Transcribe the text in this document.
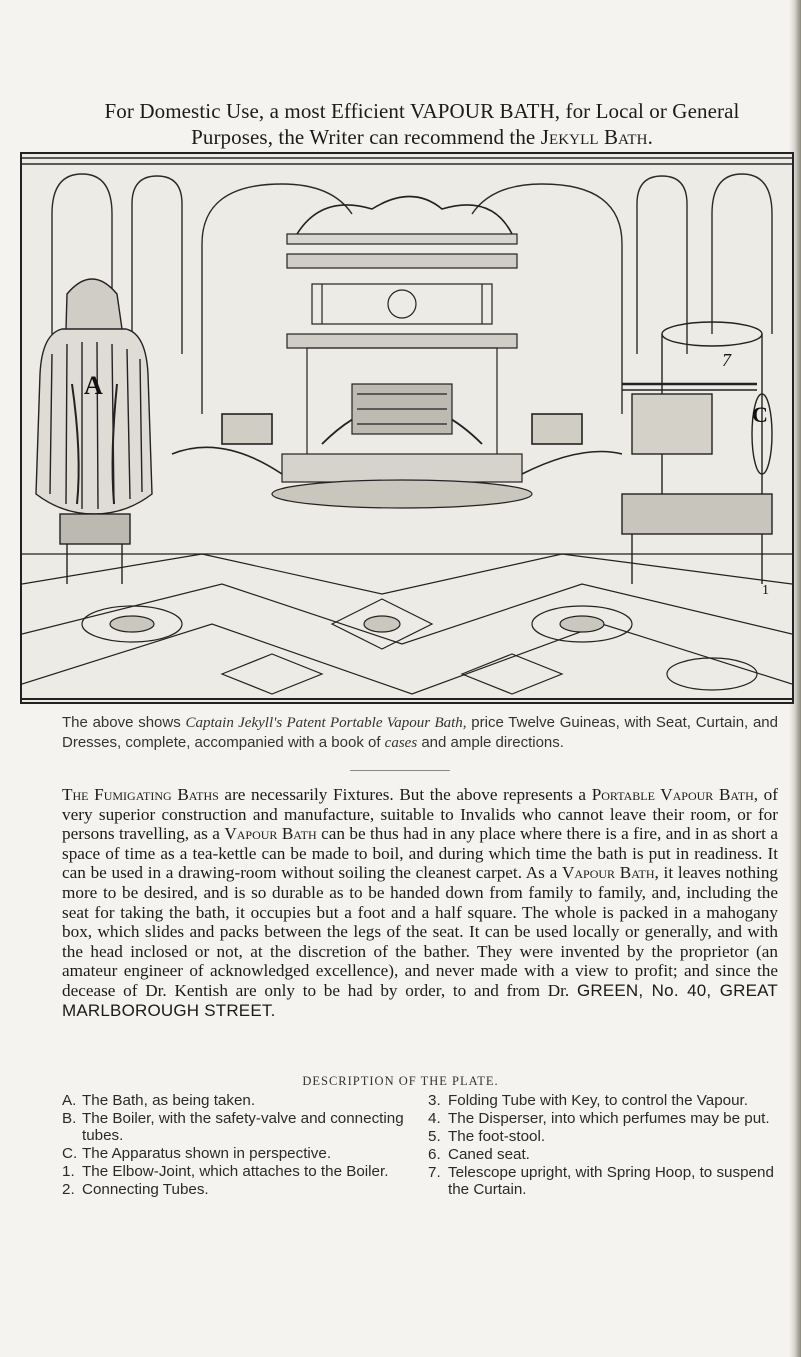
For Domestic Use, a most Efficient VAPOUR BATH, for Local or General
Purposes, the Writer can recommend the Jekyll Bath.
A
C
7
1
The above shows Captain Jekyll's Patent Portable Vapour Bath, price Twelve Guineas, with Seat, Curtain, and Dresses, complete, accompanied with a book of cases and ample directions.
The Fumigating Baths are necessarily Fixtures. But the above represents a Portable Vapour Bath, of very superior construction and manufacture, suitable to Invalids who cannot leave their room, or for persons travelling, as a Vapour Bath can be thus had in any place where there is a fire, and in as short a space of time as a tea-kettle can be made to boil, and during which time the bath is put in readiness. It can be used in a drawing-room without soiling the cleanest carpet. As a Vapour Bath, it leaves nothing more to be desired, and is so durable as to be handed down from family to family, and, including the seat for taking the bath, it occupies but a foot and a half square. The whole is packed in a mahogany box, which slides and packs between the legs of the seat. It can be used locally or generally, and with the head inclosed or not, at the discretion of the bather. They were invented by the proprietor (an amateur engineer of acknowledged excellence), and never made with a view to profit; and since the decease of Dr. Kentish are only to be had by order, to and from Dr. GREEN, No. 40, GREAT MARLBOROUGH STREET.
DESCRIPTION OF THE PLATE.
A. The Bath, as being taken.
B. The Boiler, with the safety-valve and connecting tubes.
C. The Apparatus shown in perspective.
1. The Elbow-Joint, which attaches to the Boiler.
2. Connecting Tubes.
3. Folding Tube with Key, to control the Vapour.
4. The Disperser, into which perfumes may be put.
5. The foot-stool.
6. Caned seat.
7. Telescope upright, with Spring Hoop, to suspend the Curtain.
